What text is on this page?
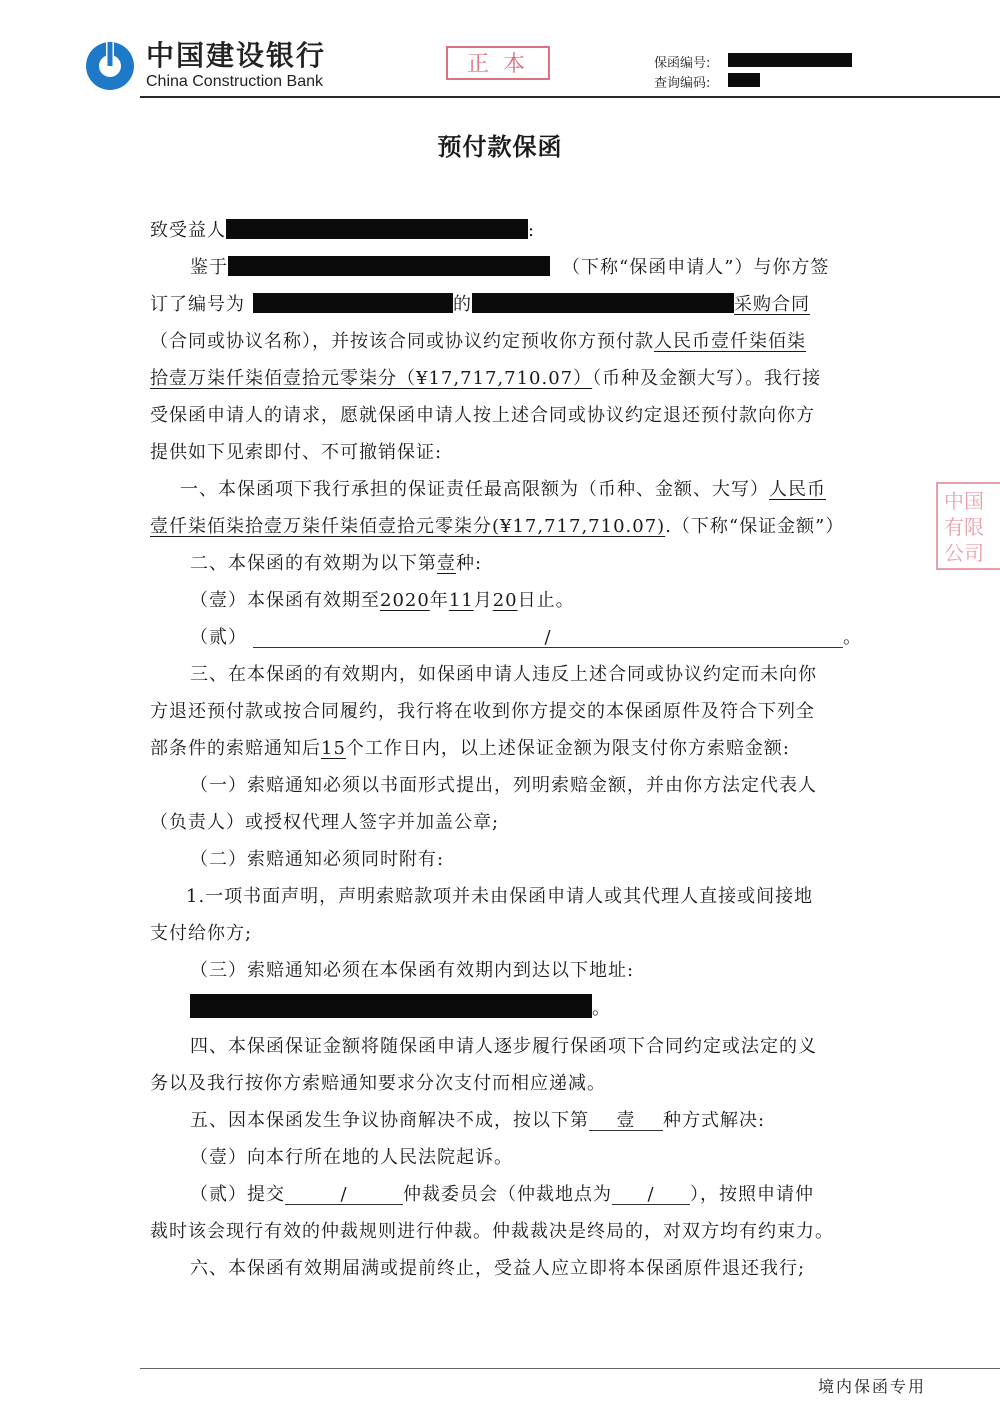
中国建设银行
China Construction Bank
正本	保函编号:
查询编码:
预付款保函
致受益人	:
鉴于	（下称“保函申请人”）与你方签
订了编号为	的	采购合同
（合同或协议名称），并按该合同或协议约定预收你方预付款人民币壹仟柒佰柒
拾壹万柒仟柒佰壹拾元零柒分（¥17,717,710.07）（币种及金额大写）。我行接
受保函申请人的请求，愿就保函申请人按上述合同或协议约定退还预付款向你方
提供如下见索即付、不可撤销保证:
一、本保函项下我行承担的保证责任最高限额为（币种、金额、大写）人民币
壹仟柒佰柒拾壹万柒仟柒佰壹拾元零柒分(¥17,717,710.07).（下称“保证金额”）
二、本保函的有效期为以下第壹种:
（壹）本保函有效期至2020年11月20日止。
（贰）	/	。
三、在本保函的有效期内，如保函申请人违反上述合同或协议约定而未向你
方退还预付款或按合同履约，我行将在收到你方提交的本保函原件及符合下列全
部条件的索赔通知后15个工作日内，以上述保证金额为限支付你方索赔金额:
（一）索赔通知必须以书面形式提出，列明索赔金额，并由你方法定代表人
（负责人）或授权代理人签字并加盖公章;
（二）索赔通知必须同时附有:
1.一项书面声明，声明索赔款项并未由保函申请人或其代理人直接或间接地
支付给你方;
（三）索赔通知必须在本保函有效期内到达以下地址:
。
四、本保函保证金额将随保函申请人逐步履行保函项下合同约定或法定的义
务以及我行按你方索赔通知要求分次支付而相应递减。
五、因本保函发生争议协商解决不成，按以下第 壹 种方式解决:
（壹）向本行所在地的人民法院起诉。
（贰）提交	/	仲裁委员会（仲裁地点为 / ），按照申请仲
裁时该会现行有效的仲裁规则进行仲裁。仲裁裁决是终局的，对双方均有约束力。
六、本保函有效期届满或提前终止，受益人应立即将本保函原件退还我行;
中国
有限公司
境内保函专用
